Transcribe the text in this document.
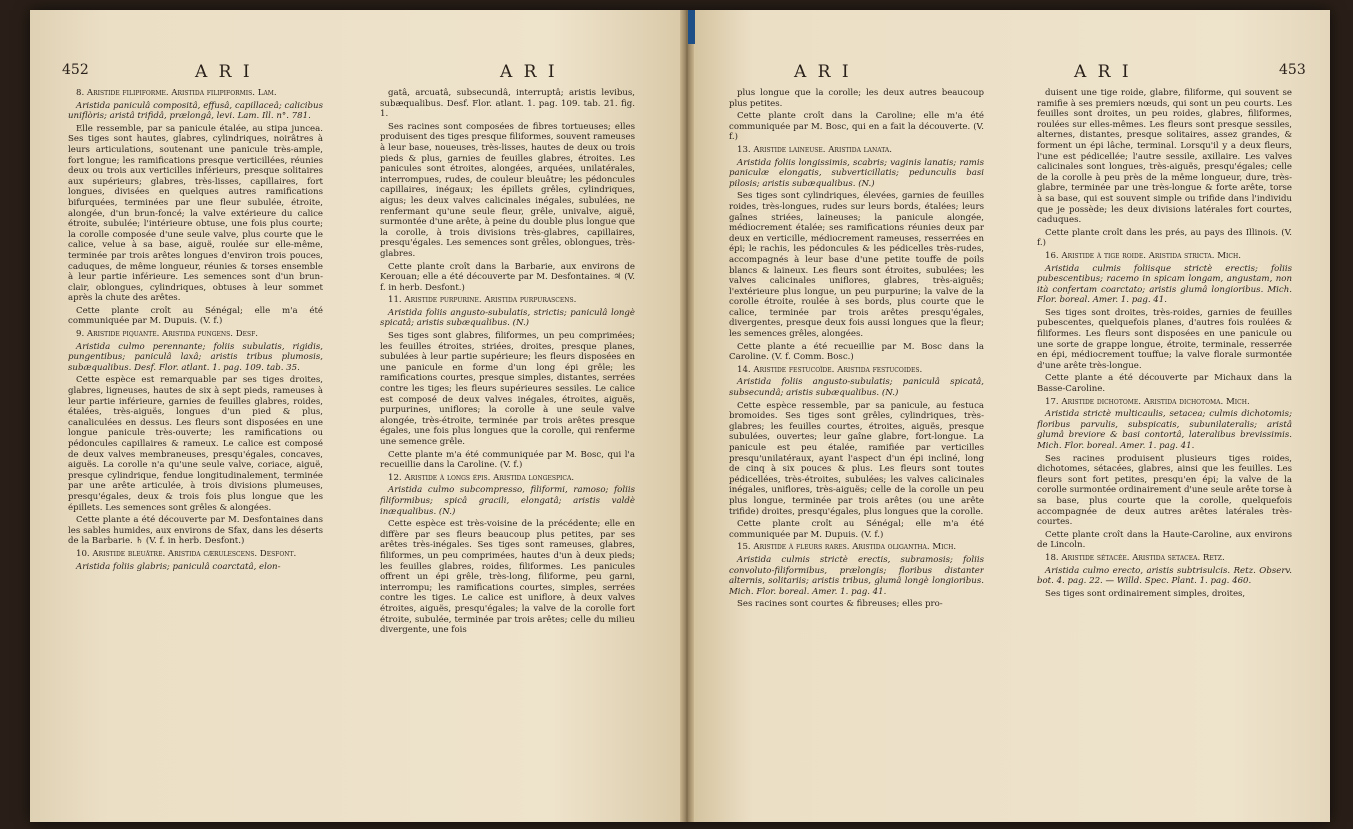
452	A R I	A R I

8. Aristide filipiforme. Aristida filipiformis. Lam.

Aristida paniculâ compositâ, effusâ, capillaceâ; calicibus uniflòris; aristâ trifidâ, prælongâ, levi. Lam. Ill. n°. 781.

Elle ressemble, par sa panicule étalée, au stipa juncea. Ses tiges sont hautes, glabres, cylindriques, noirâtres à leurs articulations, soutenant une panicule très-ample, fort longue; les ramifications presque verticillées, réunies deux ou trois aux verticilles inférieurs, presque solitaires aux supérieurs; glabres, très-lisses, capillaires, fort longues, divisées en quelques autres ramifications bifurquées, terminées par une fleur subulée, étroite, alongée, d'un brun-foncé; la valve extérieure du calice étroite, subulée; l'intérieure obtuse, une fois plus courte; la corolle composée d'une seule valve, plus courte que le calice, velue à sa base, aiguë, roulée sur elle-même, terminée par trois arêtes longues d'environ trois pouces, caduques, de même longueur, réunies & torses ensemble à leur partie inférieure. Les semences sont d'un brun-clair, oblongues, cylindriques, obtuses à leur sommet après la chute des arêtes.

Cette plante croît au Sénégal; elle m'a été communiquée par M. Dupuis. (V. f.)

9. Aristide piquante. Aristida pungens. Desf.

Aristida culmo perennante; foliis subulatis, rigidis, pungentibus; paniculâ laxâ; aristis tribus plumosis, subæqualibus. Desf. Flor. atlant. 1. pag. 109. tab. 35.

Cette espèce est remarquable par ses tiges droites, glabres, ligneuses, hautes de six à sept pieds, rameuses à leur partie inférieure, garnies de feuilles glabres, roides, étalées, très-aiguës, longues d'un pied & plus, canaliculées en dessus. Les fleurs sont disposées en une longue panicule très-ouverte; les ramifications ou pédoncules capillaires & rameux. Le calice est composé de deux valves membraneuses, presqu'égales, concaves, aiguës. La corolle n'a qu'une seule valve, coriace, aiguë, presque cylindrique, fendue longitudinalement, terminée par une arête articulée, à trois divisions plumeuses, presqu'égales, deux & trois fois plus longue que les épillets. Les semences sont grêles & alongées.

Cette plante a été découverte par M. Desfontaines dans les sables humides, aux environs de Sfax, dans les déserts de la Barbarie. ♄ (V. f. in herb. Desfont.)

10. Aristide bleuâtre. Aristida cærulescens. Desfont.

Aristida foliis glabris; paniculâ coarctatâ, elon-

gatâ, arcuatâ, subsecundâ, interruptâ; aristis levibus, subæqualibus. Desf. Flor. atlant. 1. pag. 109. tab. 21. fig. 1.

Ses racines sont composées de fibres tortueuses; elles produisent des tiges presque filiformes, souvent rameuses à leur base, noueuses, très-lisses, hautes de deux ou trois pieds & plus, garnies de feuilles glabres, étroites. Les panicules sont étroites, alongées, arquées, unilatérales, interrompues, rudes, de couleur bleuâtre; les pédoncules capillaires, inégaux; les épillets grêles, cylindriques, aigus; les deux valves calicinales inégales, subulées, ne renfermant qu'une seule fleur, grêle, univalve, aiguë, surmontée d'une arête, à peine du double plus longue que la corolle, à trois divisions très-glabres, capillaires, presqu'égales. Les semences sont grêles, oblongues, très-glabres.

Cette plante croît dans la Barbarie, aux environs de Kerouan; elle a été découverte par M. Desfontaines. ♃ (V. f. in herb. Desfont.)

11. Aristide purpurine. Aristida purpurascens.

Aristida foliis angusto-subulatis, strictis; paniculâ longè spicatâ; aristis subæqualibus. (N.)

Ses tiges sont glabres, filiformes, un peu comprimées; les feuilles étroites, striées, droites, presque planes, subulées à leur partie supérieure; les fleurs disposées en une panicule en forme d'un long épi grêle; les ramifications courtes, presque simples, distantes, serrées contre les tiges; les fleurs supérieures sessiles. Le calice est composé de deux valves inégales, étroites, aiguës, purpurines, uniflores; la corolle à une seule valve alongée, très-étroite, terminée par trois arêtes presque égales, une fois plus longues que la corolle, qui renferme une semence grêle.

Cette plante m'a été communiquée par M. Bosc, qui l'a recueillie dans la Caroline. (V. f.)

12. Aristide à longs épis. Aristida longespica.

Aristida culmo subcompresso, filiformi, ramoso; foliis filiformibus; spicâ gracili, elongatâ; aristis valdè inæqualibus. (N.)

Cette espèce est très-voisine de la précédente; elle en diffère par ses fleurs beaucoup plus petites, par ses arêtes très-inégales. Ses tiges sont rameuses, glabres, filiformes, un peu comprimées, hautes d'un à deux pieds; les feuilles glabres, roides, filiformes. Les panicules offrent un épi grêle, très-long, filiforme, peu garni, interrompu; les ramifications courtes, simples, serrées contre les tiges. Le calice est uniflore, à deux valves étroites, aiguës, presqu'égales; la valve de la corolle fort étroite, subulée, terminée par trois arêtes; celle du milieu divergente, une fois

A R I	A R I	453

plus longue que la corolle; les deux autres beaucoup plus petites.

Cette plante croît dans la Caroline; elle m'a été communiquée par M. Bosc, qui en a fait la découverte. (V. f.)

13. Aristide laineuse. Aristida lanata.

Aristida foliis longissimis, scabris; vaginis lanatis; ramis paniculæ elongatis, subverticillatis; pedunculis basi pilosis; aristis subæqualibus. (N.)

Ses tiges sont cylindriques, élevées, garnies de feuilles roides, très-longues, rudes sur leurs bords, étalées; leurs gaînes striées, laineuses; la panicule alongée, médiocrement étalée; ses ramifications réunies deux par deux en verticille, médiocrement rameuses, resserrées en épi; le rachis, les pédoncules & les pédicelles très-rudes, accompagnés à leur base d'une petite touffe de poils blancs & laineux. Les fleurs sont étroites, subulées; les valves calicinales uniflores, glabres, très-aiguës; l'extérieure plus longue, un peu purpurine; la valve de la corolle étroite, roulée à ses bords, plus courte que le calice, terminée par trois arêtes presqu'égales, divergentes, presque deux fois aussi longues que la fleur; les semences grêles, alongées.

Cette plante a été recueillie par M. Bosc dans la Caroline. (V. f. Comm. Bosc.)

14. Aristide festucoïde. Aristida festucoides.

Aristida foliis angusto-subulatis; paniculâ spicatâ, subsecundâ; aristis subæqualibus. (N.)

Cette espèce ressemble, par sa panicule, au festuca bromoides. Ses tiges sont grêles, cylindriques, très-glabres; les feuilles courtes, étroites, aiguës, presque subulées, ouvertes; leur gaîne glabre, fort-longue. La panicule est peu étalée, ramifiée par verticilles presqu'unilatéraux, ayant l'aspect d'un épi incliné, long de cinq à six pouces & plus. Les fleurs sont toutes pédicellées, très-étroites, subulées; les valves calicinales inégales, uniflores, très-aiguës; celle de la corolle un peu plus longue, terminée par trois arêtes (ou une arête trifide) droites, presqu'égales, plus longues que la corolle.

Cette plante croît au Sénégal; elle m'a été communiquée par M. Dupuis. (V. f.)

15. Aristide à fleurs rares. Aristida oligantha. Mich.

Aristida culmis strictè erectis, subramosis; foliis convoluto-filiformibus, prælongis; floribus distanter alternis, solitariis; aristis tribus, glumâ longè longioribus. Mich. Flor. boreal. Amer. 1. pag. 41.

Ses racines sont courtes & fibreuses; elles pro-

duisent une tige roide, glabre, filiforme, qui souvent se ramifie à ses premiers nœuds, qui sont un peu courts. Les feuilles sont droites, un peu roides, glabres, filiformes, roulées sur elles-mêmes. Les fleurs sont presque sessiles, alternes, distantes, presque solitaires, assez grandes, & forment un épi lâche, terminal. Lorsqu'il y a deux fleurs, l'une est pédicellée; l'autre sessile, axillaire. Les valves calicinales sont longues, très-aiguës, presqu'égales; celle de la corolle à peu près de la même longueur, dure, très-glabre, terminée par une très-longue & forte arête, torse à sa base, qui est souvent simple ou trifide dans l'individu que je possède; les deux divisions latérales fort courtes, caduques.

Cette plante croît dans les prés, au pays des Illinois. (V. f.)

16. Aristide à tige roide. Aristida stricta. Mich.

Aristida culmis foliisque strictè erectis; foliis pubescentibus; racemo in spicam longam, angustam, non ità confertam coarctato; aristis glumâ longioribus. Mich. Flor. boreal. Amer. 1. pag. 41.

Ses tiges sont droites, très-roides, garnies de feuilles pubescentes, quelquefois planes, d'autres fois roulées & filiformes. Les fleurs sont disposées en une panicule ou une sorte de grappe longue, étroite, terminale, resserrée en épi, médiocrement touffue; la valve florale surmontée d'une arête très-longue.

Cette plante a été découverte par Michaux dans la Basse-Caroline.

17. Aristide dichotome. Aristida dichotoma. Mich.

Aristida strictè multicaulis, setacea; culmis dichotomis; floribus parvulis, subspicatis, subunilateralis; aristâ glumâ breviore & basi contortâ, lateralibus brevissimis. Mich. Flor. boreal. Amer. 1. pag. 41.

Ses racines produisent plusieurs tiges roides, dichotomes, sétacées, glabres, ainsi que les feuilles. Les fleurs sont fort petites, presqu'en épi; la valve de la corolle surmontée ordinairement d'une seule arête torse à sa base, plus courte que la corolle, quelquefois accompagnée de deux autres arêtes latérales très-courtes.

Cette plante croît dans la Haute-Caroline, aux environs de Lincoln.

18. Aristide sétacée. Aristida setacea. Retz.

Aristida culmo erecto, aristis subtrisulcis. Retz. Observ. bot. 4. pag. 22. — Willd. Spec. Plant. 1. pag. 460.

Ses tiges sont ordinairement simples, droites,
